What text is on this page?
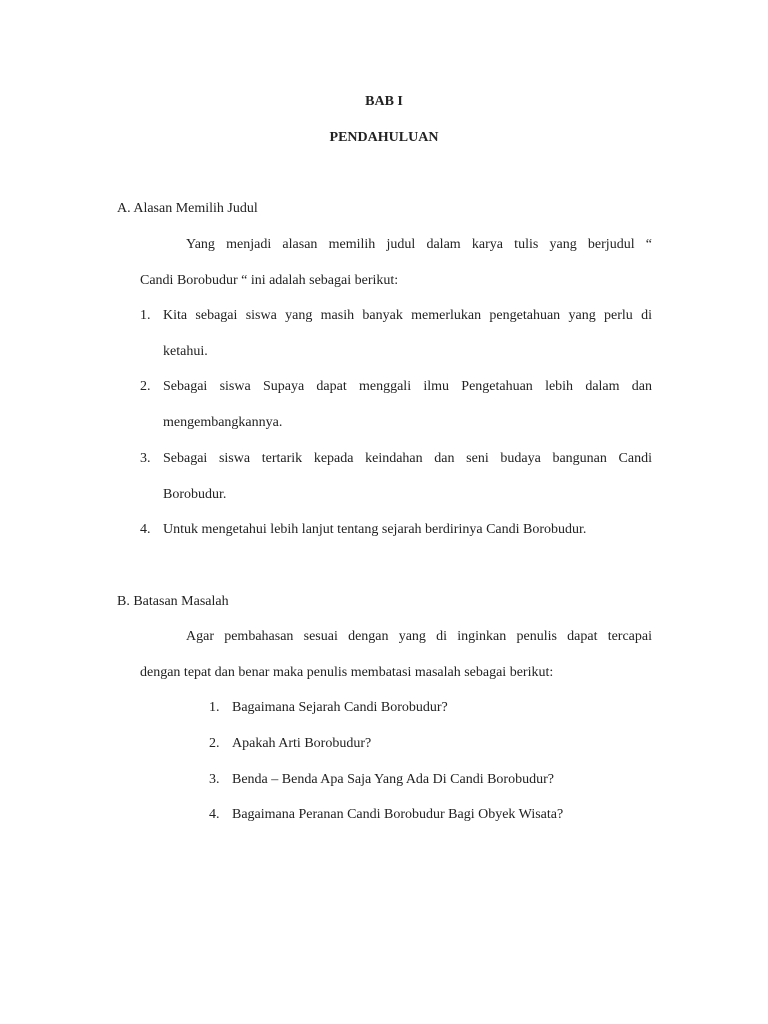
BAB I
PENDAHULUAN
A. Alasan Memilih Judul
Yang menjadi alasan memilih judul dalam karya tulis yang berjudul “
Candi Borobudur “ ini adalah sebagai berikut:
1. Kita sebagai siswa yang masih banyak memerlukan pengetahuan yang perlu di
ketahui.
2. Sebagai siswa Supaya dapat menggali ilmu Pengetahuan lebih dalam dan
mengembangkannya.
3. Sebagai siswa tertarik kepada keindahan dan seni budaya bangunan Candi
Borobudur.
4. Untuk mengetahui lebih lanjut tentang sejarah berdirinya Candi Borobudur.
B. Batasan Masalah
Agar pembahasan sesuai dengan yang di inginkan penulis dapat tercapai
dengan tepat dan benar maka penulis membatasi masalah sebagai berikut:
1. Bagaimana Sejarah Candi Borobudur?
2. Apakah Arti Borobudur?
3. Benda – Benda Apa Saja Yang Ada Di Candi Borobudur?
4. Bagaimana Peranan Candi Borobudur Bagi Obyek Wisata?
